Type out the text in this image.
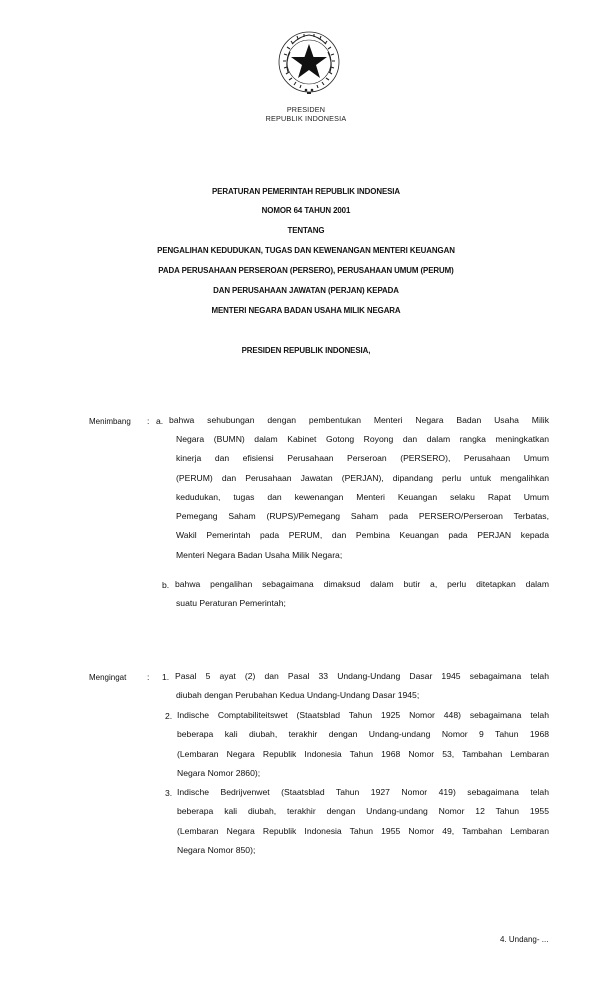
PRESIDEN
REPUBLIK INDONESIA
PERATURAN PEMERINTAH REPUBLIK INDONESIA
NOMOR 64 TAHUN 2001
TENTANG
PENGALIHAN KEDUDUKAN, TUGAS DAN KEWENANGAN MENTERI KEUANGAN
PADA PERUSAHAAN PERSEROAN (PERSERO), PERUSAHAAN UMUM (PERUM)
DAN PERUSAHAAN JAWATAN (PERJAN) KEPADA
MENTERI NEGARA BADAN USAHA MILIK NEGARA
PRESIDEN REPUBLIK INDONESIA,
Menimbang : a. bahwa sehubungan dengan pembentukan Menteri Negara Badan Usaha Milik
Negara (BUMN) dalam Kabinet Gotong Royong dan dalam rangka meningkatkan
kinerja dan efisiensi Perusahaan Perseroan (PERSERO), Perusahaan Umum
(PERUM) dan Perusahaan Jawatan (PERJAN), dipandang perlu untuk mengalihkan
kedudukan, tugas dan kewenangan Menteri Keuangan selaku Rapat Umum
Pemegang Saham (RUPS)/Pemegang Saham pada PERSERO/Perseroan Terbatas,
Wakil Pemerintah pada PERUM, dan Pembina Keuangan pada PERJAN kepada
Menteri Negara Badan Usaha Milik Negara;
b. bahwa pengalihan sebagaimana dimaksud dalam butir a, perlu ditetapkan dalam
suatu Peraturan Pemerintah;
Mengingat : 1. Pasal 5 ayat (2) dan Pasal 33 Undang-Undang Dasar 1945 sebagaimana telah
diubah dengan Perubahan Kedua Undang-Undang Dasar 1945;
2. Indische Comptabiliteitswet (Staatsblad Tahun 1925 Nomor 448) sebagaimana telah
beberapa kali diubah, terakhir dengan Undang-undang Nomor 9 Tahun 1968
(Lembaran Negara Republik Indonesia Tahun 1968 Nomor 53, Tambahan Lembaran
Negara Nomor 2860);
3. Indische Bedrijvenwet (Staatsblad Tahun 1927 Nomor 419) sebagaimana telah
beberapa kali diubah, terakhir dengan Undang-undang Nomor 12 Tahun 1955
(Lembaran Negara Republik Indonesia Tahun 1955 Nomor 49, Tambahan Lembaran
Negara Nomor 850);
4. Undang- ...
